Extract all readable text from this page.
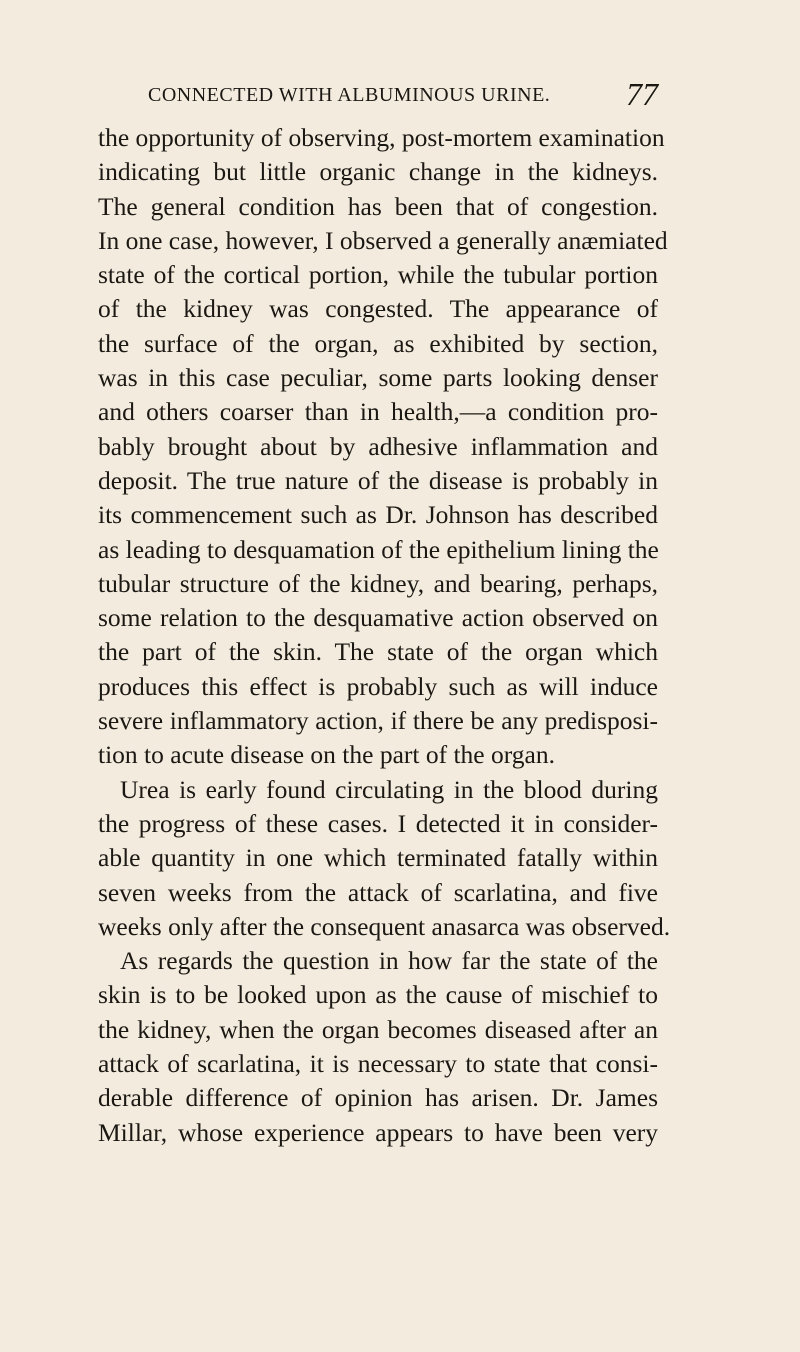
CONNECTED WITH ALBUMINOUS URINE. 77
the opportunity of observing, post-mortem examination
indicating but little organic change in the kidneys.
The general condition has been that of congestion.
In one case, however, I observed a generally anæmiated
state of the cortical portion, while the tubular portion
of the kidney was congested. The appearance of
the surface of the organ, as exhibited by section,
was in this case peculiar, some parts looking denser
and others coarser than in health,—a condition pro-
bably brought about by adhesive inflammation and
deposit. The true nature of the disease is probably in
its commencement such as Dr. Johnson has described
as leading to desquamation of the epithelium lining the
tubular structure of the kidney, and bearing, perhaps,
some relation to the desquamative action observed on
the part of the skin. The state of the organ which
produces this effect is probably such as will induce
severe inflammatory action, if there be any predisposi-
tion to acute disease on the part of the organ.
Urea is early found circulating in the blood during
the progress of these cases. I detected it in consider-
able quantity in one which terminated fatally within
seven weeks from the attack of scarlatina, and five
weeks only after the consequent anasarca was observed.
As regards the question in how far the state of the
skin is to be looked upon as the cause of mischief to
the kidney, when the organ becomes diseased after an
attack of scarlatina, it is necessary to state that consi-
derable difference of opinion has arisen. Dr. James
Millar, whose experience appears to have been very
